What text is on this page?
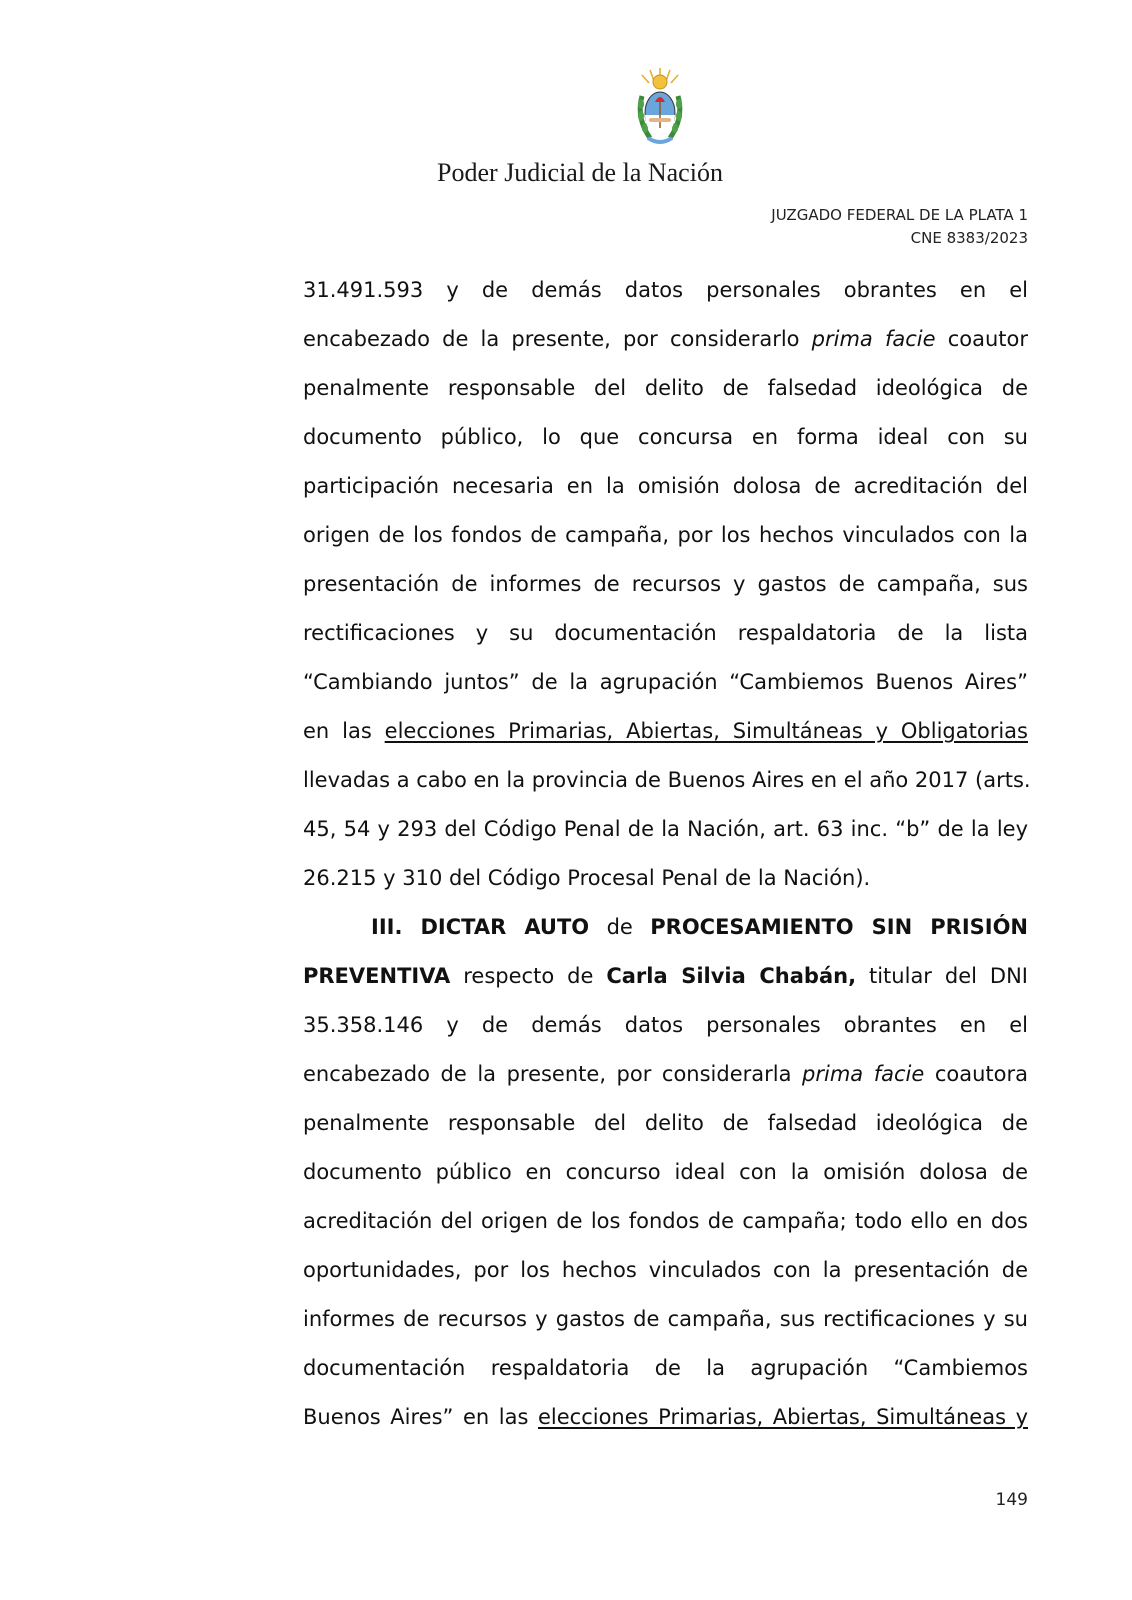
Poder Judicial de la Nación
JUZGADO FEDERAL DE LA PLATA 1
CNE 8383/2023
31.491.593 y de demás datos personales obrantes en el
encabezado de la presente, por considerarlo prima facie coautor
penalmente responsable del delito de falsedad ideológica de
documento público, lo que concursa en forma ideal con su
participación necesaria en la omisión dolosa de acreditación del
origen de los fondos de campaña, por los hechos vinculados con la
presentación de informes de recursos y gastos de campaña, sus
rectificaciones y su documentación respaldatoria de la lista
“Cambiando juntos” de la agrupación “Cambiemos Buenos Aires”
en las elecciones Primarias, Abiertas, Simultáneas y Obligatorias
llevadas a cabo en la provincia de Buenos Aires en el año 2017 (arts.
45, 54 y 293 del Código Penal de la Nación, art. 63 inc. “b” de la ley
26.215 y 310 del Código Procesal Penal de la Nación).
III. DICTAR AUTO de PROCESAMIENTO SIN PRISIÓN
PREVENTIVA respecto de Carla Silvia Chabán, titular del DNI
35.358.146 y de demás datos personales obrantes en el
encabezado de la presente, por considerarla prima facie coautora
penalmente responsable del delito de falsedad ideológica de
documento público en concurso ideal con la omisión dolosa de
acreditación del origen de los fondos de campaña; todo ello en dos
oportunidades, por los hechos vinculados con la presentación de
informes de recursos y gastos de campaña, sus rectificaciones y su
documentación respaldatoria de la agrupación “Cambiemos
Buenos Aires” en las elecciones Primarias, Abiertas, Simultáneas y
149
